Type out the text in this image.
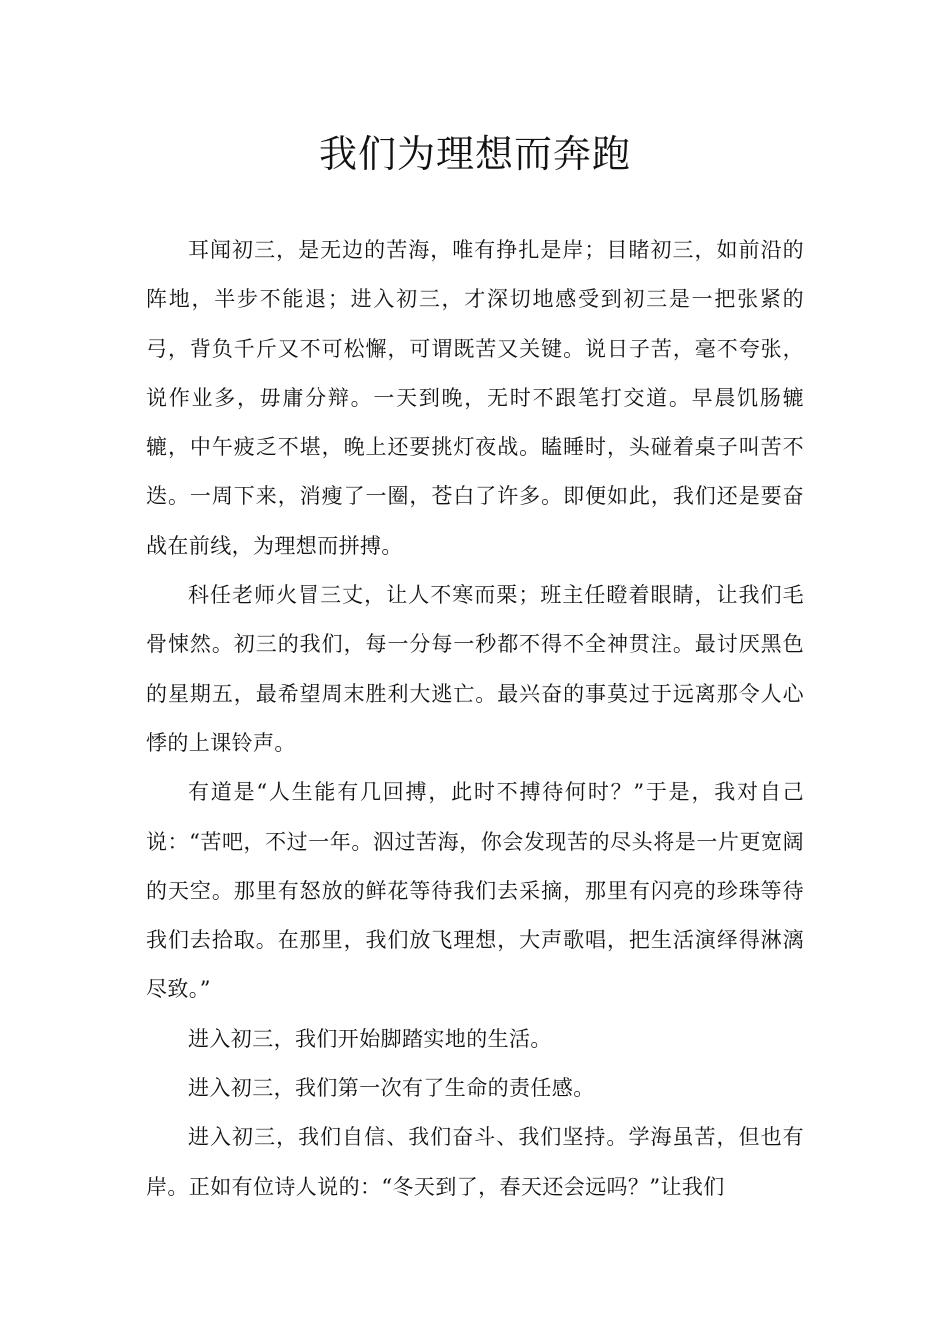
我们为理想而奔跑

耳闻初三，是无边的苦海，唯有挣扎是岸；目睹初三，如前沿的阵地，半步不能退；进入初三，才深切地感受到初三是一把张紧的弓，背负千斤又不可松懈，可谓既苦又关键。说日子苦，毫不夸张，说作业多，毋庸分辩。一天到晚，无时不跟笔打交道。早晨饥肠辘辘，中午疲乏不堪，晚上还要挑灯夜战。瞌睡时，头碰着桌子叫苦不迭。一周下来，消瘦了一圈，苍白了许多。即便如此，我们还是要奋战在前线，为理想而拼搏。

科任老师火冒三丈，让人不寒而栗；班主任瞪着眼睛，让我们毛骨悚然。初三的我们，每一分每一秒都不得不全神贯注。最讨厌黑色的星期五，最希望周末胜利大逃亡。最兴奋的事莫过于远离那令人心悸的上课铃声。

有道是“人生能有几回搏，此时不搏待何时？”于是，我对自己说：“苦吧，不过一年。泅过苦海，你会发现苦的尽头将是一片更宽阔的天空。那里有怒放的鲜花等待我们去采摘，那里有闪亮的珍珠等待我们去拾取。在那里，我们放飞理想，大声歌唱，把生活演绎得淋漓尽致。”

进入初三，我们开始脚踏实地的生活。

进入初三，我们第一次有了生命的责任感。

进入初三，我们自信、我们奋斗、我们坚持。学海虽苦，但也有岸。正如有位诗人说的：“冬天到了，春天还会远吗？”让我们
